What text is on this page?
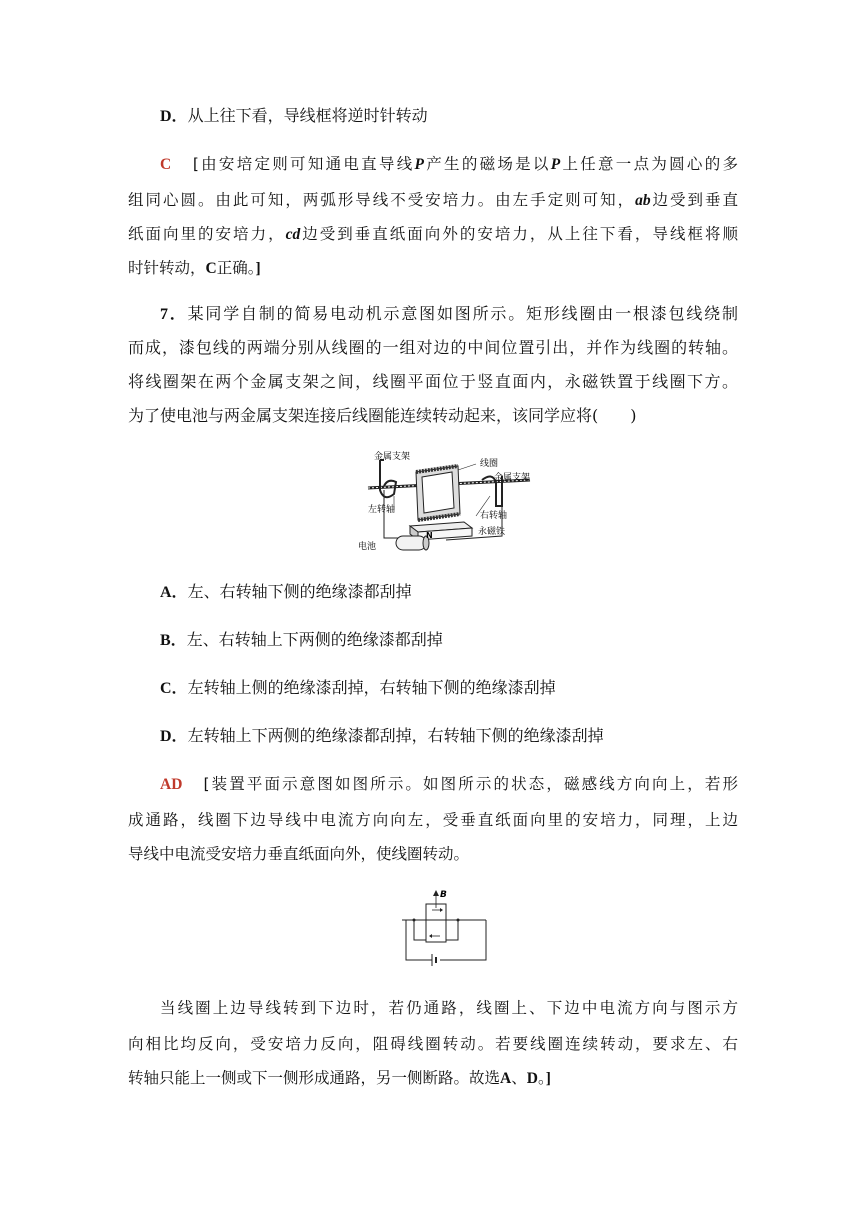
D．从上往下看，导线框将逆时针转动
C [由安培定则可知通电直导线P产生的磁场是以P上任意一点为圆心的多
组同心圆。由此可知，两弧形导线不受安培力。由左手定则可知，ab边受到垂直
纸面向里的安培力，cd边受到垂直纸面向外的安培力，从上往下看，导线框将顺
时针转动，C正确。]
7．某同学自制的简易电动机示意图如图所示。矩形线圈由一根漆包线绕制
而成，漆包线的两端分别从线圈的一组对边的中间位置引出，并作为线圈的转轴。
将线圈架在两个金属支架之间，线圈平面位于竖直面内，永磁铁置于线圈下方。
为了使电池与两金属支架连接后线圈能连续转动起来，该同学应将(　　)
金属支架
线圈
金属支架
左转轴
右转轴
N	永磁铁
电池
A．左、右转轴下侧的绝缘漆都刮掉
B．左、右转轴上下两侧的绝缘漆都刮掉
C．左转轴上侧的绝缘漆刮掉，右转轴下侧的绝缘漆刮掉
D．左转轴上下两侧的绝缘漆都刮掉，右转轴下侧的绝缘漆刮掉
AD [装置平面示意图如图所示。如图所示的状态，磁感线方向向上，若形
成通路，线圈下边导线中电流方向向左，受垂直纸面向里的安培力，同理，上边
导线中电流受安培力垂直纸面向外，使线圈转动。
B
当线圈上边导线转到下边时，若仍通路，线圈上、下边中电流方向与图示方
向相比均反向，受安培力反向，阻碍线圈转动。若要线圈连续转动，要求左、右
转轴只能上一侧或下一侧形成通路，另一侧断路。故选A、D。]
